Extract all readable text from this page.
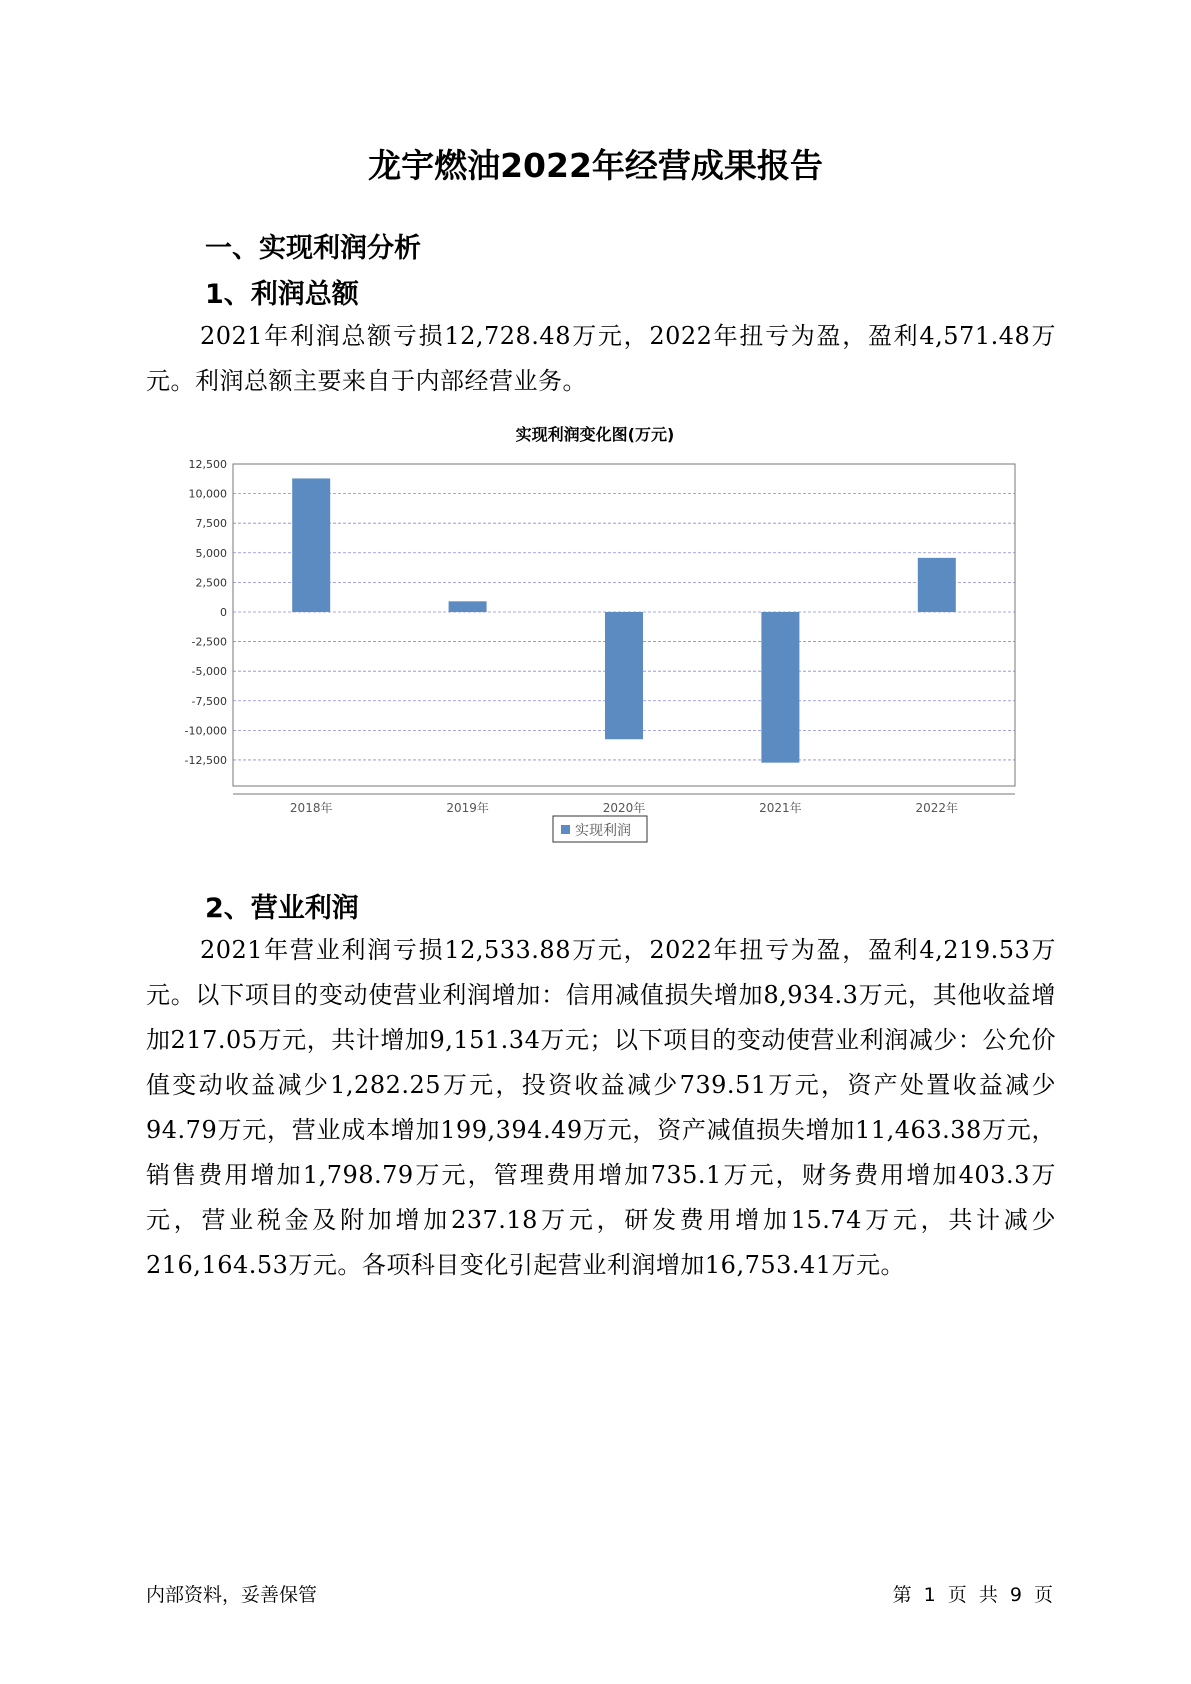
龙宇燃油2022年经营成果报告
一、实现利润分析
1、利润总额

2021年利润总额亏损12,728.48万元，2022年扭亏为盈，盈利4,571.48万元。利润总额主要来自于内部经营业务。

实现利润变化图(万元)
12,500
10,000
7,500
5,000
2,500
0
-2,500
-5,000
-7,500
-10,000
-12,500
2018年	2019年	2020年	2021年	2022年
实现利润
2、营业利润

2021年营业利润亏损12,533.88万元，2022年扭亏为盈，盈利4,219.53万元。以下项目的变动使营业利润增加：信用减值损失增加8,934.3万元，其他收益增加217.05万元，共计增加9,151.34万元；以下项目的变动使营业利润减少：公允价值变动收益减少1,282.25万元，投资收益减少739.51万元，资产处置收益减少94.79万元，营业成本增加199,394.49万元，资产减值损失增加11,463.38万元，销售费用增加1,798.79万元，管理费用增加735.1万元，财务费用增加403.3万元，营业税金及附加增加237.18万元，研发费用增加15.74万元，共计减少216,164.53万元。各项科目变化引起营业利润增加16,753.41万元。

内部资料，妥善保管	第 1 页 共 9 页
